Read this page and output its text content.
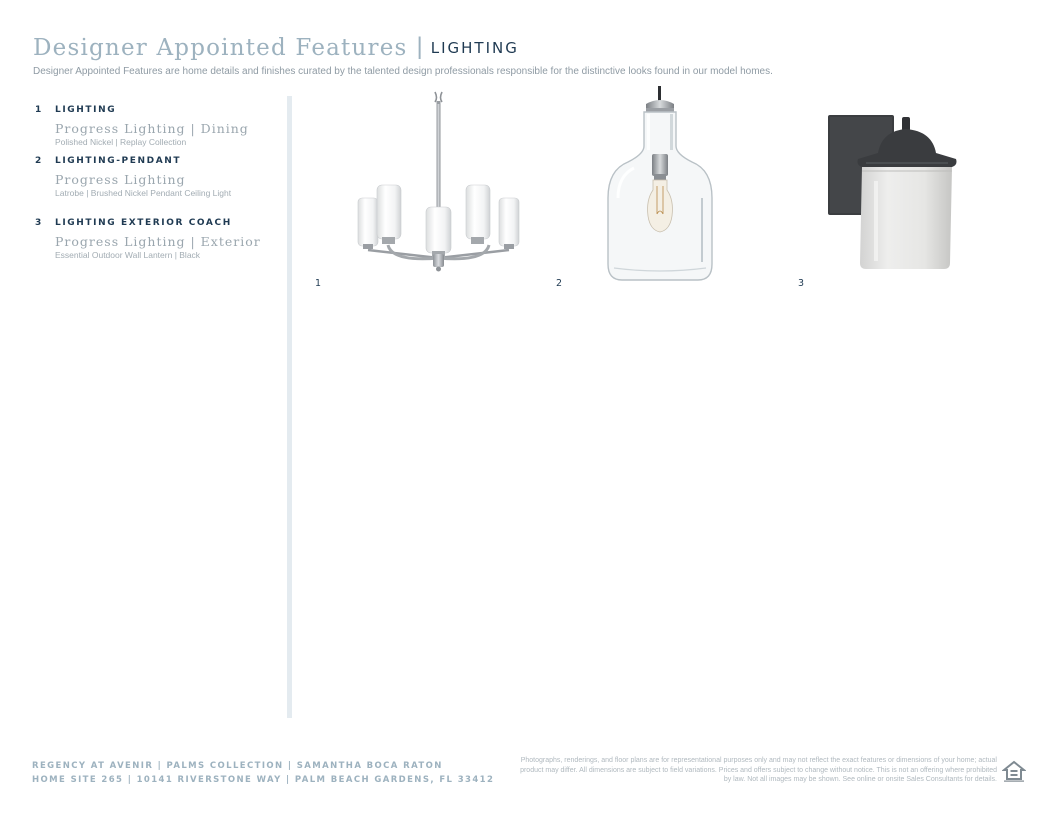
Designer Appointed Features | LIGHTING
Designer Appointed Features are home details and finishes curated by the talented design professionals responsible for the distinctive looks found in our model homes.
1 LIGHTING
Progress Lighting | Dining
Polished Nickel | Replay Collection
2 LIGHTING-PENDANT
Progress Lighting
Latrobe | Brushed Nickel Pendant Ceiling Light
3 LIGHTING EXTERIOR COACH
Progress Lighting | Exterior
Essential Outdoor Wall Lantern | Black
1	2	3
REGENCY AT AVENIR | PALMS COLLECTION | SAMANTHA BOCA RATON
HOME SITE 265 | 10141 RIVERSTONE WAY | PALM BEACH GARDENS, FL 33412
Photographs, renderings, and floor plans are for representational purposes only and may not reflect the exact features or dimensions of your home; actual product may differ. All dimensions are subject to field variations. Prices and offers subject to change without notice. This is not an offering where prohibited by law. Not all images may be shown. See online or onsite Sales Consultants for details.
